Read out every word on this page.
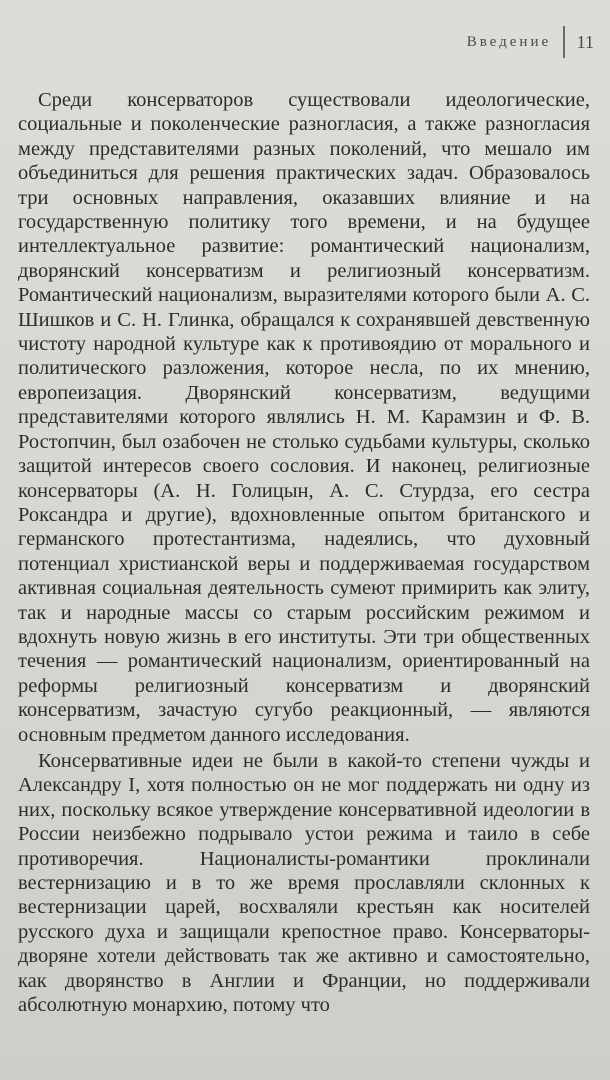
Введение 11

Среди консерваторов существовали идеологические, социальные и поколенческие разногласия, а также разногласия между представителями разных поколений, что мешало им объединиться для решения практических задач. Образовалось три основных направления, оказавших влияние и на государственную политику того времени, и на будущее интеллектуальное развитие: романтический национализм, дворянский консерватизм и религиозный консерватизм. Романтический национализм, выразителями которого были А. С. Шишков и С. Н. Глинка, обращался к сохранявшей девственную чистоту народной культуре как к противоядию от морального и политического разложения, которое несла, по их мнению, европеизация. Дворянский консерватизм, ведущими представителями которого являлись Н. М. Карамзин и Ф. В. Ростопчин, был озабочен не столько судьбами культуры, сколько защитой интересов своего сословия. И наконец, религиозные консерваторы (А. Н. Голицын, А. С. Стурдза, его сестра Роксандра и другие), вдохновленные опытом британского и германского протестантизма, надеялись, что духовный потенциал христианской веры и поддерживаемая государством активная социальная деятельность сумеют примирить как элиту, так и народные массы со старым российским режимом и вдохнуть новую жизнь в его институты. Эти три общественных течения — романтический национализм, ориентированный на реформы религиозный консерватизм и дворянский консерватизм, зачастую сугубо реакционный, — являются основным предметом данного исследования.

Консервативные идеи не были в какой-то степени чужды и Александру I, хотя полностью он не мог поддержать ни одну из них, поскольку всякое утверждение консервативной идеологии в России неизбежно подрывало устои режима и таило в себе противоречия. Националисты-романтики проклинали вестернизацию и в то же время прославляли склонных к вестернизации царей, восхваляли крестьян как носителей русского духа и защищали крепостное право. Консерваторы-дворяне хотели действовать так же активно и самостоятельно, как дворянство в Англии и Франции, но поддерживали абсолютную монархию, потому что
